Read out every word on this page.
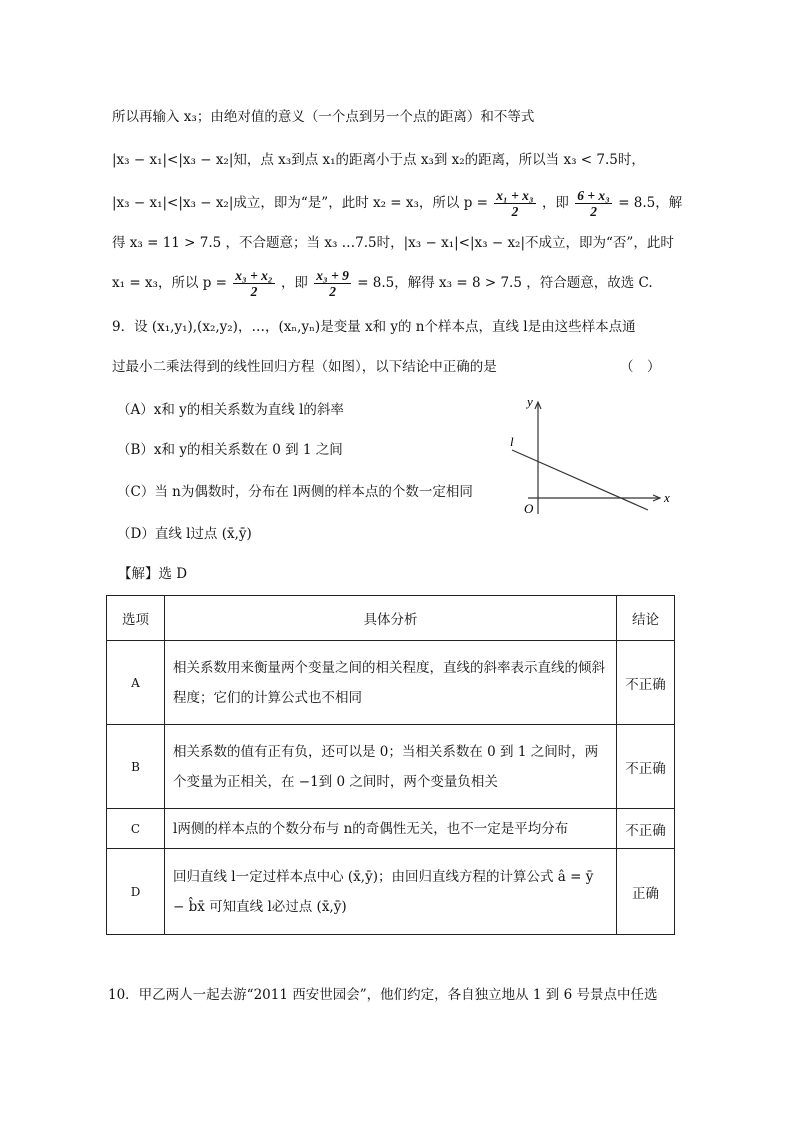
所以再输入 x₃；由绝对值的意义（一个点到另一个点的距离）和不等式
|x₃ − x₁|<|x₃ − x₂|知，点 x₃到点 x₁的距离小于点 x₃到 x₂的距离，所以当 x₃ < 7.5时，
|x₃ − x₁|<|x₃ − x₂|成立，即为“是”，此时 x₂ = x₃，所以 $p = \frac{\text{x₁ + x₃}}{2}$ ，即 $\frac{\text{6 + x₃}}{2} = 8.5$，解
得 x₃ = 11 > 7.5 ，不合题意；当 x₃ …7.5时，|x₃ − x₁|<|x₃ − x₂|不成立，即为“否”，此时
x₁ = x₃，所以 $p = \frac{\text{x₃ + x₂}}{2}$ ，即 $\frac{\text{x₃ + 9}}{2} = 8.5$，解得 x₃ = 8 > 7.5 ，符合题意，故选 C.
9．设 (x₁,y₁),(x₂,y₂)，…，(xₙ,yₙ)是变量 x和 y的 n个样本点，直线 l是由这些样本点通
过最小二乘法得到的线性回归方程（如图），以下结论中正确的是	（　）
（A）x和 y的相关系数为直线 l的斜率
（B）x和 y的相关系数在 0 到 1 之间
（C）当 n为偶数时，分布在 l两侧的样本点的个数一定相同
（D）直线 l过点 (x̄,ȳ)
y
x
O
l
【解】选 D
选项	具体分析	结论
A	相关系数用来衡量两个变量之间的相关程度，直线的斜率表示直线的倾斜程度；它们的计算公式也不相同	不正确
B	相关系数的值有正有负，还可以是 0；当相关系数在 0 到 1 之间时，两个变量为正相关，在 −1到 0 之间时，两个变量负相关	不正确
C	l两侧的样本点的个数分布与 n的奇偶性无关，也不一定是平均分布	不正确
D	回归直线 l一定过样本点中心 (x̄,ȳ)；由回归直线方程的计算公式 â = ȳ − b̂x̄ 可知直线 l必过点 (x̄,ȳ)	正确
10．甲乙两人一起去游“2011 西安世园会”，他们约定，各自独立地从 1 到 6 号景点中任选
